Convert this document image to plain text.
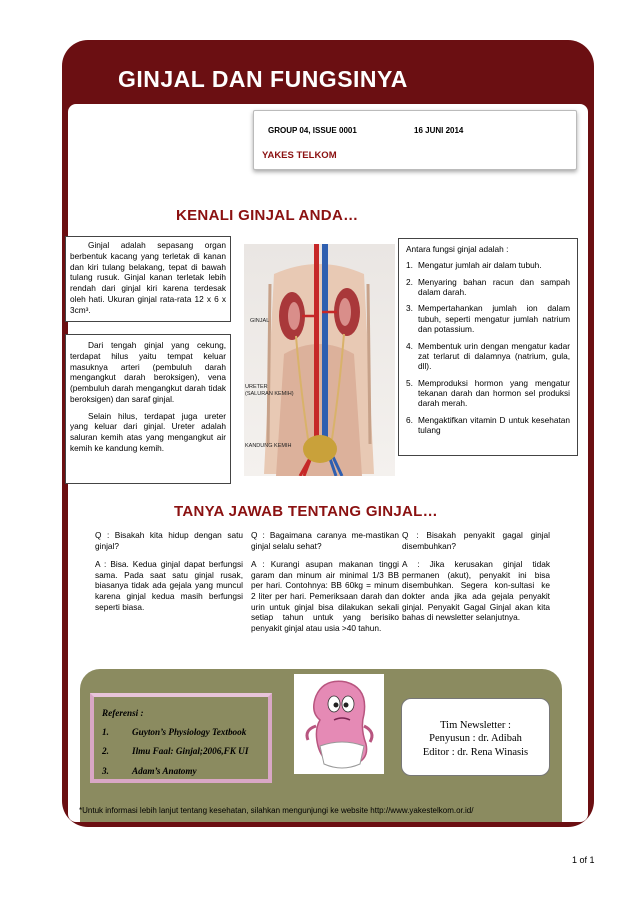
GINJAL DAN FUNGSINYA
GROUP 04, ISSUE 0001	16 JUNI 2014
YAKES TELKOM
KENALI GINJAL ANDA…

Ginjal adalah sepasang organ berbentuk kacang yang terletak di kanan dan kiri tulang belakang, tepat di bawah tulang rusuk. Ginjal kanan terletak lebih rendah dari ginjal kiri karena terdesak oleh hati. Ukuran ginjal rata-rata 12 x 6 x 3cm³.

Dari tengah ginjal yang cekung, terdapat hilus yaitu tempat keluar masuknya arteri (pembuluh darah mengangkut darah beroksigen), vena (pembuluh darah mengangkut darah tidak beroksigen) dan saraf ginjal.

Selain hilus, terdapat juga ureter yang keluar dari ginjal. Ureter adalah saluran kemih atas yang mengangkut air kemih ke kandung kemih.

GINJAL
URETER
(SALURAN KEMIH)
KANDUNG KEMIH
Antara fungsi ginjal adalah :
1. Mengatur jumlah air dalam tubuh.
2. Menyaring bahan racun dan sampah dalam darah.
3. Mempertahankan jumlah ion dalam tubuh, seperti mengatur jumlah natrium dan potassium.
4. Membentuk urin dengan mengatur kadar zat terlarut di dalamnya (natrium, gula, dll).
5. Memproduksi hormon yang mengatur tekanan darah dan hormon sel produksi darah merah.
6. Mengaktifkan vitamin D untuk kesehatan tulang
TANYA JAWAB TENTANG GINJAL…

Q : Bisakah kita hidup dengan satu ginjal?

A : Bisa. Kedua ginjal dapat berfungsi sama. Pada saat satu ginjal rusak, biasanya tidak ada gejala yang muncul karena ginjal kedua masih berfungsi seperti biasa.

Q : Bagaimana caranya me-mastikan ginjal selalu sehat?

A : Kurangi asupan makanan tinggi garam dan minum air minimal 1/3 BB per hari. Contohnya: BB 60kg = minum 2 liter per hari. Pemeriksaan darah dan urin untuk ginjal bisa dilakukan sekali setiap tahun untuk yang berisiko penyakit ginjal atau usia >40 tahun.

Q : Bisakah penyakit gagal ginjal disembuhkan?

A : Jika kerusakan ginjal tidak permanen (akut), penyakit ini bisa disembuhkan. Segera kon-sultasi ke dokter anda jika ada gejala penyakit ginjal. Penyakit Gagal Ginjal akan kita bahas di newsletter selanjutnya.

Referensi :
1.	Guyton’s Physiology Textbook
2.	Ilmu Faal: Ginjal;2006,FK UI
3.	Adam’s Anatomy
Tim Newsletter :
Penyusun : dr. Adibah
Editor : dr. Rena Winasis
*Untuk informasi lebih lanjut tentang kesehatan, silahkan mengunjungi ke website http://www.yakestelkom.or.id/
1 of 1
